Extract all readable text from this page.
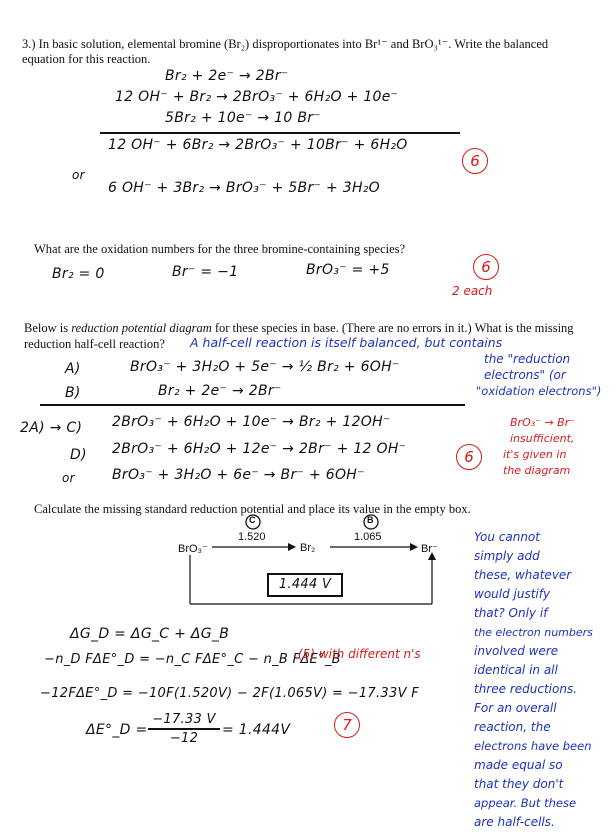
3.) In basic solution, elemental bromine (Br₂) disproportionates into Br¹⁻ and BrO₃¹⁻. Write the balanced
equation for this reaction.
Br₂ + 2e⁻ → 2Br⁻
12 OH⁻ + Br₂ → 2BrO₃⁻ + 6H₂O + 10e⁻
5Br₂ + 10e⁻ → 10 Br⁻
12 OH⁻ + 6Br₂ → 2BrO₃⁻ + 10Br⁻ + 6H₂O
6
or
6 OH⁻ + 3Br₂ → BrO₃⁻ + 5Br⁻ + 3H₂O
What are the oxidation numbers for the three bromine-containing species?
Br₂ = 0	Br⁻ = −1	BrO₃⁻ = +5	6
2 each
Below is reduction potential diagram for these species in base. (There are no errors in it.) What is the missing
reduction half-cell reaction? A half-cell reaction is itself balanced, but contains
the "reduction
electrons" (or
"oxidation electrons")
A)	BrO₃⁻ + 3H₂O + 5e⁻ → ½ Br₂ + 6OH⁻
B)	Br₂ + 2e⁻ → 2Br⁻
2A) → C) 2BrO₃⁻ + 6H₂O + 10e⁻ → Br₂ + 12OH⁻
D) 2BrO₃⁻ + 6H₂O + 12e⁻ → 2Br⁻ + 12 OH⁻
or	BrO₃⁻ + 3H₂O + 6e⁻ → Br⁻ + 6OH⁻
6
BrO₃⁻ → Br⁻
insufficient,
it's given in
the diagram
Calculate the missing standard reduction potential and place its value in the empty box.
BrO₃⁻	Br₂	Br⁻
1.520	1.065
C	B
1.444 V
ΔG_D = ΔG_C + ΔG_B
−n_D FΔE°_D = −n_C FΔE°_C − n_B FΔE°_B
(5) with different n's
−12FΔE°_D = −10F(1.520V) − 2F(1.065V) = −17.33V F
ΔE°_D =
−17.33 V
−12
= 1.444V	7
You cannot
simply add
these, whatever
would justify
that? Only if
the electron numbers
involved were
identical in all
three reductions.
For an overall
reaction, the
electrons have been
made equal so
that they don't
appear. But these
are half-cells.
